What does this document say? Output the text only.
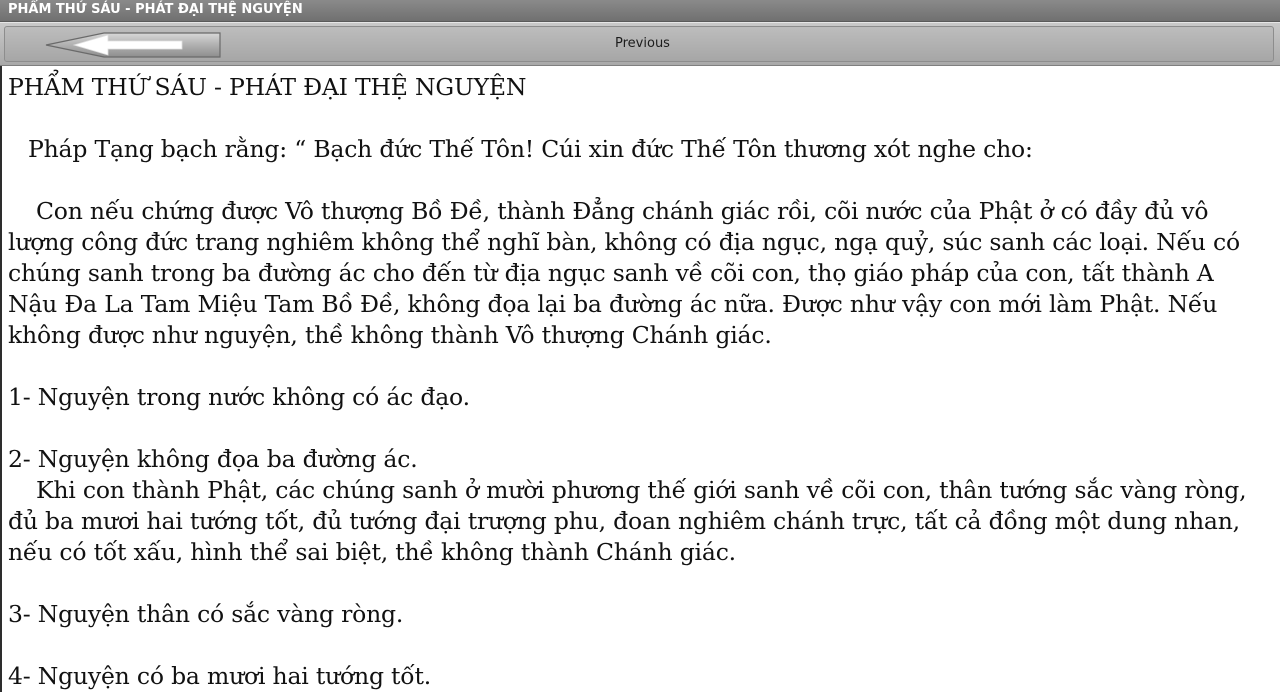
PHẨM THỨ SÁU - PHÁT ĐẠI THỆ NGUYỆN
Previous

PHẨM THỨ SÁU - PHÁT ĐẠI THỆ NGUYỆN

Pháp Tạng bạch rằng: “ Bạch đức Thế Tôn! Cúi xin đức Thế Tôn thương xót nghe cho:

Con nếu chứng được Vô thượng Bồ Đề, thành Đẳng chánh giác rồi, cõi nước của Phật ở có đầy đủ vô lượng công đức trang nghiêm không thể nghĩ bàn, không có địa ngục, ngạ quỷ, súc sanh các loại. Nếu có chúng sanh trong ba đường ác cho đến từ địa ngục sanh về cõi con, thọ giáo pháp của con, tất thành A Nậu Đa La Tam Miệu Tam Bồ Đề, không đọa lại ba đường ác nữa. Được như vậy con mới làm Phật. Nếu không được như nguyện, thề không thành Vô thượng Chánh giác.

1- Nguyện trong nước không có ác đạo.

2- Nguyện không đọa ba đường ác.

Khi con thành Phật, các chúng sanh ở mười phương thế giới sanh về cõi con, thân tướng sắc vàng ròng, đủ ba mươi hai tướng tốt, đủ tướng đại trượng phu, đoan nghiêm chánh trực, tất cả đồng một dung nhan, nếu có tốt xấu, hình thể sai biệt, thề không thành Chánh giác.

3- Nguyện thân có sắc vàng ròng.

4- Nguyện có ba mươi hai tướng tốt.
